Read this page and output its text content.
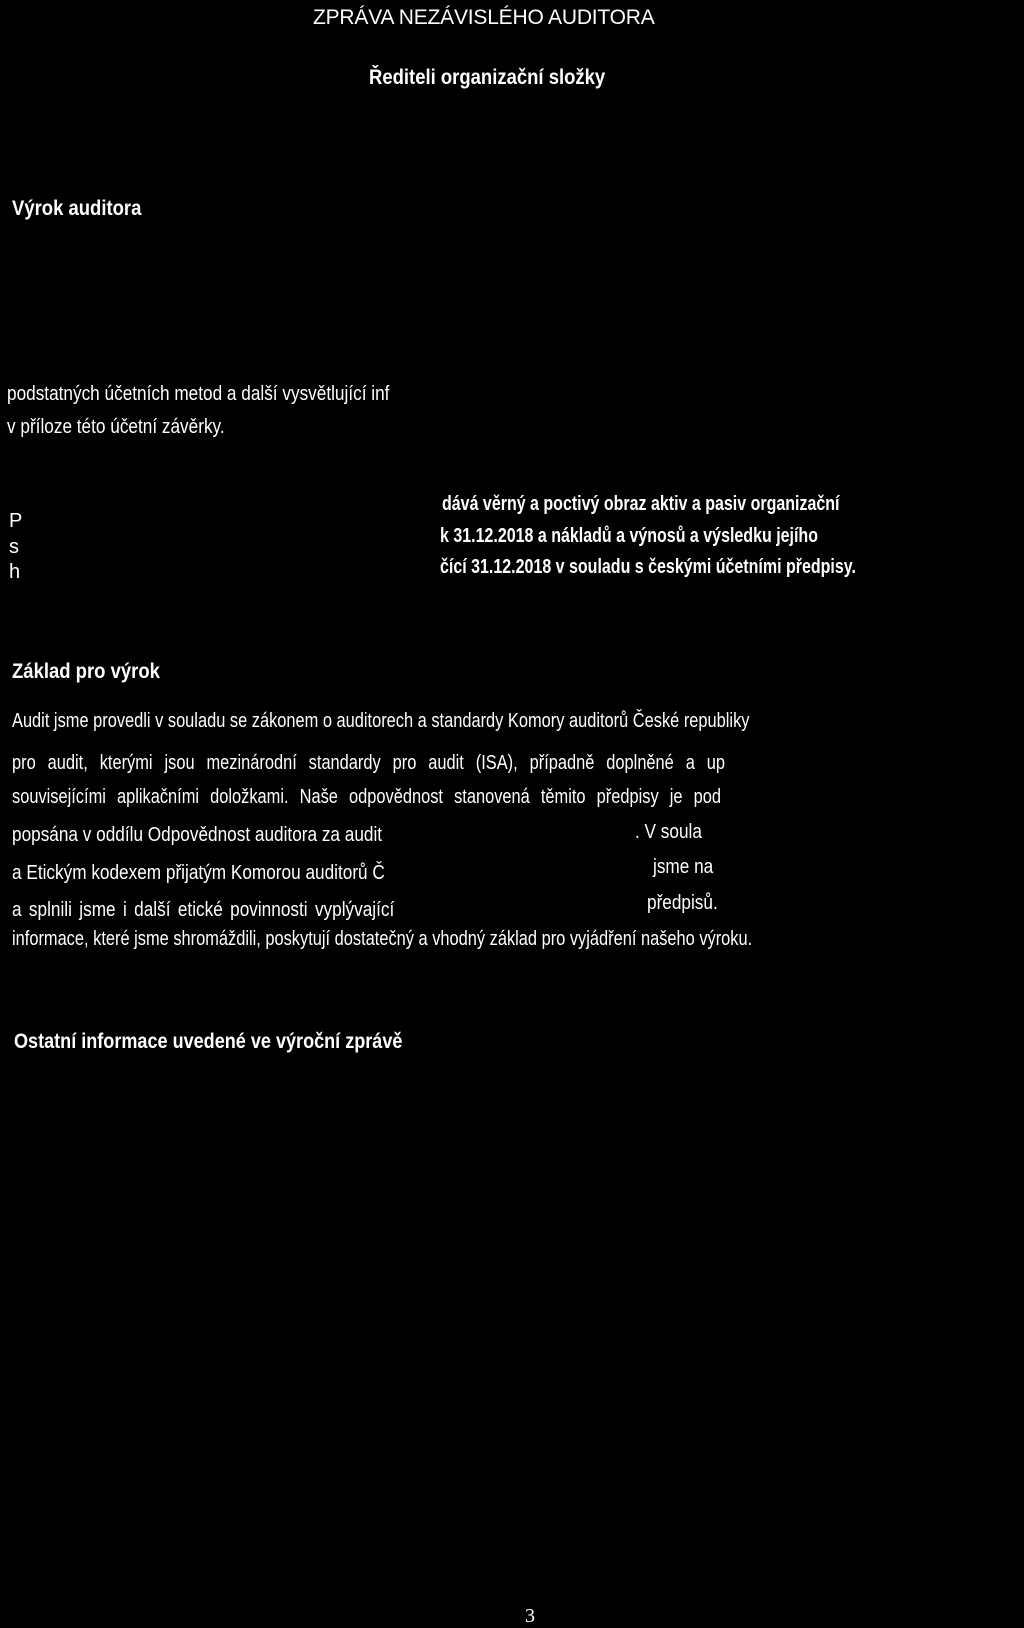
ZPRÁVA NEZÁVISLÉHO AUDITORA
Řediteli organizační složky
Výrok auditora
podstatných účetních metod a další vysvětlující inf
v příloze této účetní závěrky.
P
s
h
dává věrný a poctivý obraz aktiv a pasiv organizační
k 31.12.2018 a nákladů a výnosů a výsledku jejího
čící 31.12.2018 v souladu s českými účetními předpisy.
Základ pro výrok
Audit jsme provedli v souladu se zákonem o auditorech a standardy Komory auditorů České republiky
pro audit, kterými jsou mezinárodní standardy pro audit (ISA), případně doplněné a up
souvisejícími aplikačními doložkami. Naše odpovědnost stanovená těmito předpisy je pod
popsána v oddílu Odpovědnost auditora za audit
a Etickým kodexem přijatým Komorou auditorů Č
a splnili jsme i další etické povinnosti vyplývající
informace, které jsme shromáždili, poskytují dostatečný a vhodný základ pro vyjádření našeho výroku.
. V soula
jsme na
předpisů.
Ostatní informace uvedené ve výroční zprávě
3
